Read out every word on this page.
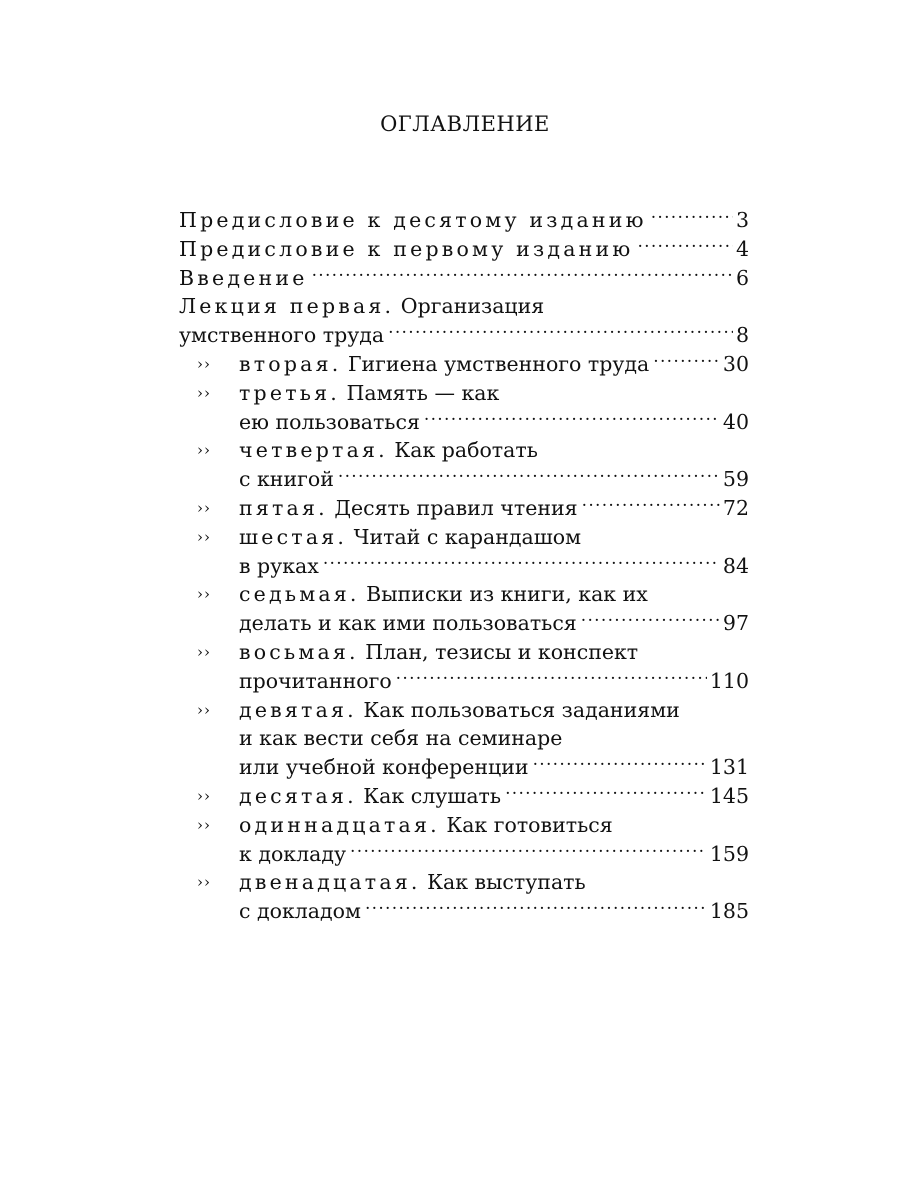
ОГЛАВЛЕНИЕ
Предисловие к десятому изданию .....	3
Предисловие к первому изданию .....	4
Введение .....	6
Лекция первая. Организация
умственного труда .....	8
››	вторая. Гигиена умственного труда .....	30
››	третья. Память — как
ею пользоваться .....	40
››	четвертая. Как работать
с книгой .....	59
››	пятая. Десять правил чтения .....	72
››	шестая. Читай с карандашом
в руках .....	84
››	седьмая. Выписки из книги, как их
делать и как ими пользоваться .....	97
››	восьмая. План, тезисы и конспект
прочитанного .....	110
››	девятая. Как пользоваться заданиями
и как вести себя на семинаре
или учебной конференции .....	131
››	десятая. Как слушать .....	145
››	одиннадцатая. Как готовиться
к докладу .....	159
››	двенадцатая. Как выступать
с докладом .....	185
